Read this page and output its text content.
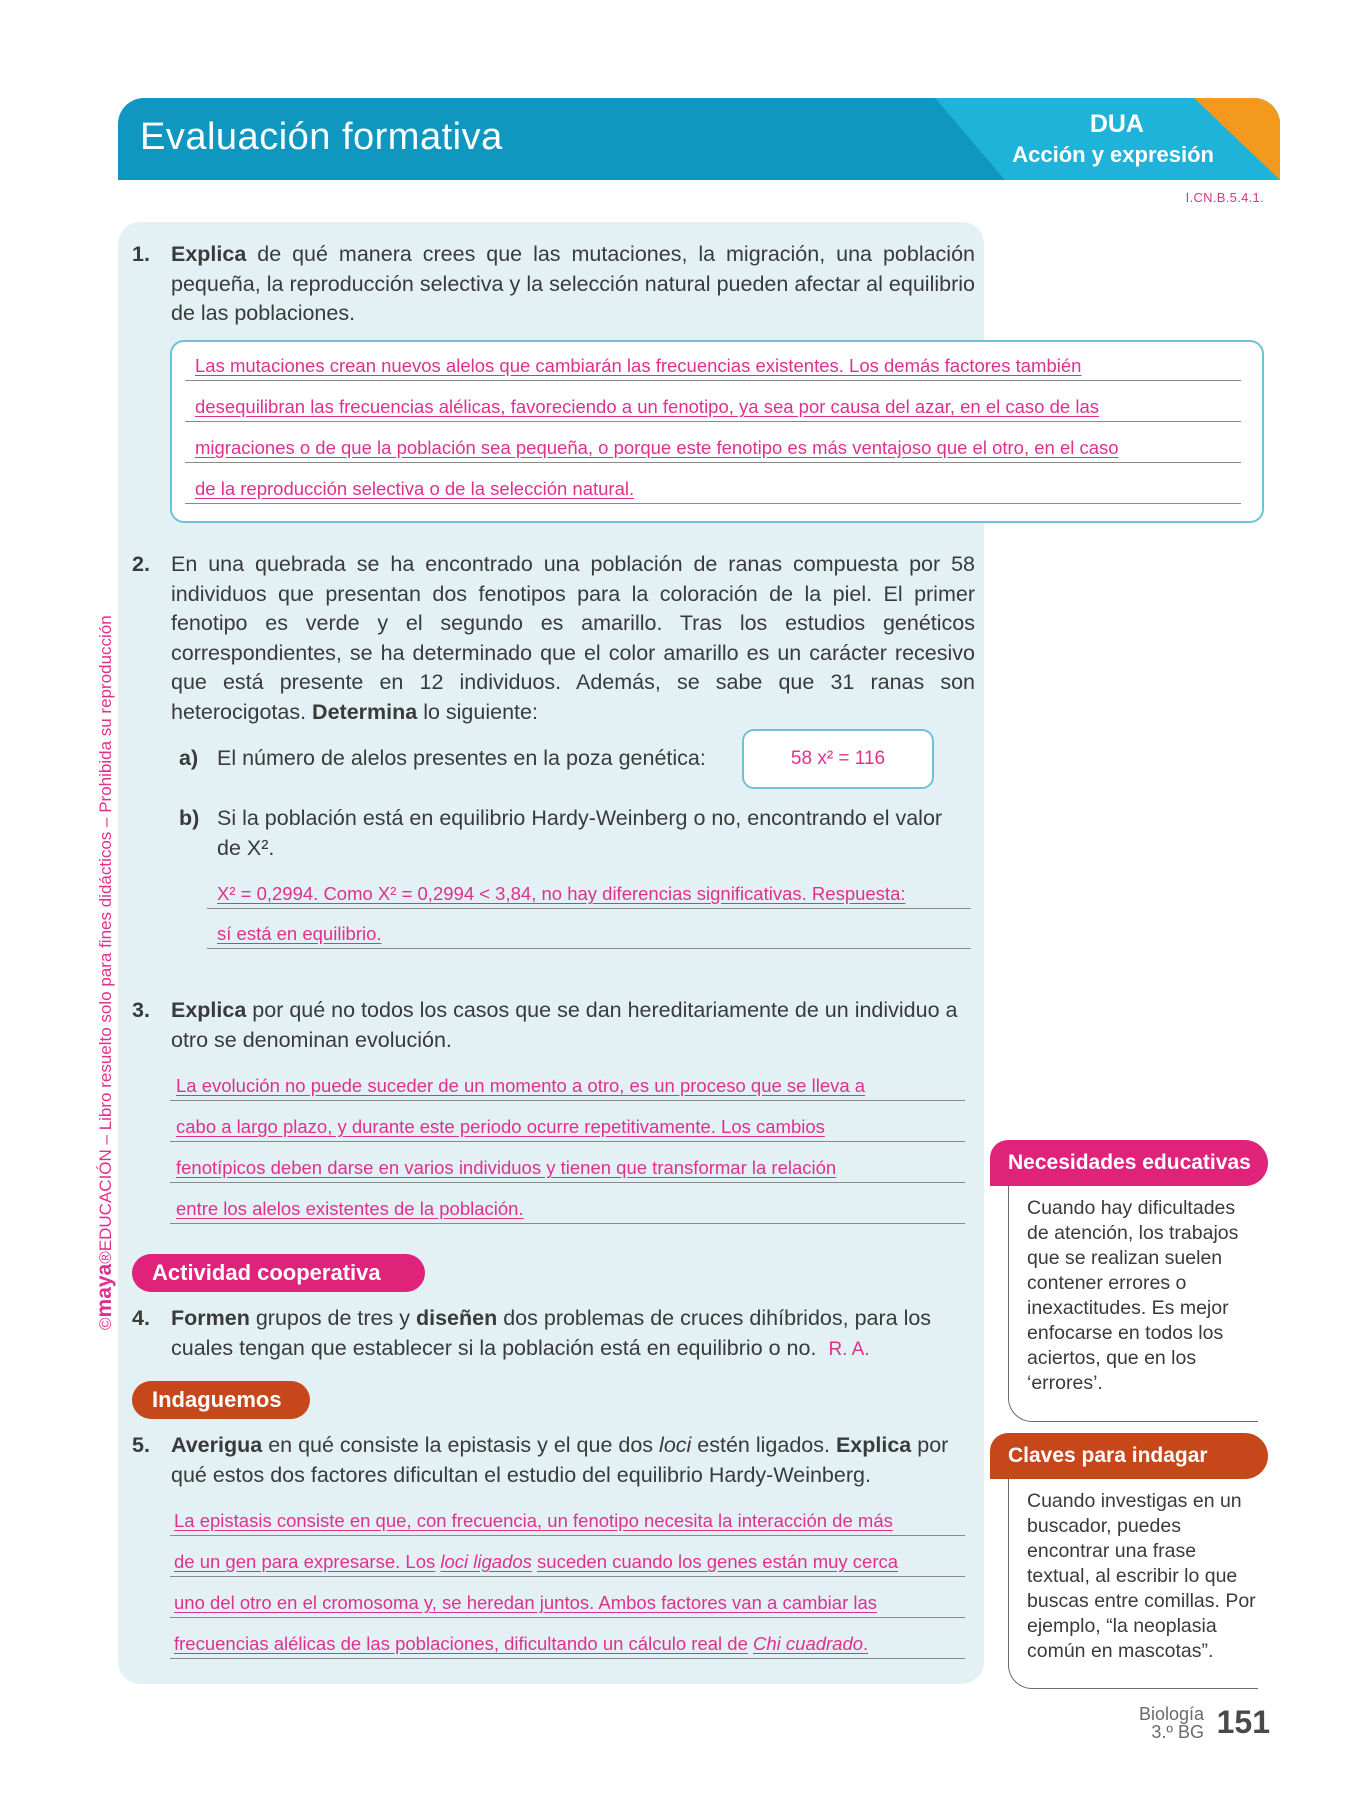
Evaluación formativa	DUA
Acción y expresión
I.CN.B.5.4.1.
©maya®EDUCACIÓN – Libro resuelto solo para fines didácticos – Prohibida su reproducción
1. Explica de qué manera crees que las mutaciones, la migración, una población pequeña, la reproducción selectiva y la selección natural pueden afectar al equilibrio de las poblaciones.
Las mutaciones crean nuevos alelos que cambiarán las frecuencias existentes. Los demás factores también
desequilibran las frecuencias alélicas, favoreciendo a un fenotipo, ya sea por causa del azar, en el caso de las
migraciones o de que la población sea pequeña, o porque este fenotipo es más ventajoso que el otro, en el caso
de la reproducción selectiva o de la selección natural.
2. En una quebrada se ha encontrado una población de ranas compuesta por 58 individuos que presentan dos fenotipos para la coloración de la piel. El primer fenotipo es verde y el segundo es amarillo. Tras los estudios genéticos correspondientes, se ha determinado que el color amarillo es un carácter recesivo que está presente en 12 individuos. Además, se sabe que 31 ranas son heterocigotas. Determina lo siguiente:
a) El número de alelos presentes en la poza genética:	58 x² = 116
b) Si la población está en equilibrio Hardy-Weinberg o no, encontrando el valor de X².
X² = 0,2994. Como X² = 0,2994 < 3,84, no hay diferencias significativas. Respuesta:
sí está en equilibrio.
3. Explica por qué no todos los casos que se dan hereditariamente de un individuo a otro se denominan evolución.
La evolución no puede suceder de un momento a otro, es un proceso que se lleva a
cabo a largo plazo, y durante este periodo ocurre repetitivamente. Los cambios
fenotípicos deben darse en varios individuos y tienen que transformar la relación
entre los alelos existentes de la población.
Actividad cooperativa
4. Formen grupos de tres y diseñen dos problemas de cruces dihíbridos, para los cuales tengan que establecer si la población está en equilibrio o no. R. A.
Indaguemos
5. Averigua en qué consiste la epistasis y el que dos loci estén ligados. Explica por qué estos dos factores dificultan el estudio del equilibrio Hardy-Weinberg.
La epistasis consiste en que, con frecuencia, un fenotipo necesita la interacción de más
de un gen para expresarse. Los loci ligados suceden cuando los genes están muy cerca
uno del otro en el cromosoma y, se heredan juntos. Ambos factores van a cambiar las
frecuencias alélicas de las poblaciones, dificultando un cálculo real de Chi cuadrado.
Necesidades educativas
Cuando hay dificultades de atención, los trabajos que se realizan suelen contener errores o inexactitudes. Es mejor enfocarse en todos los aciertos, que en los ‘errores’.
Claves para indagar
Cuando investigas en un buscador, puedes encontrar una frase textual, al escribir lo que buscas entre comillas. Por ejemplo, “la neoplasia común en mascotas”.
Biología
3.º BG 151
